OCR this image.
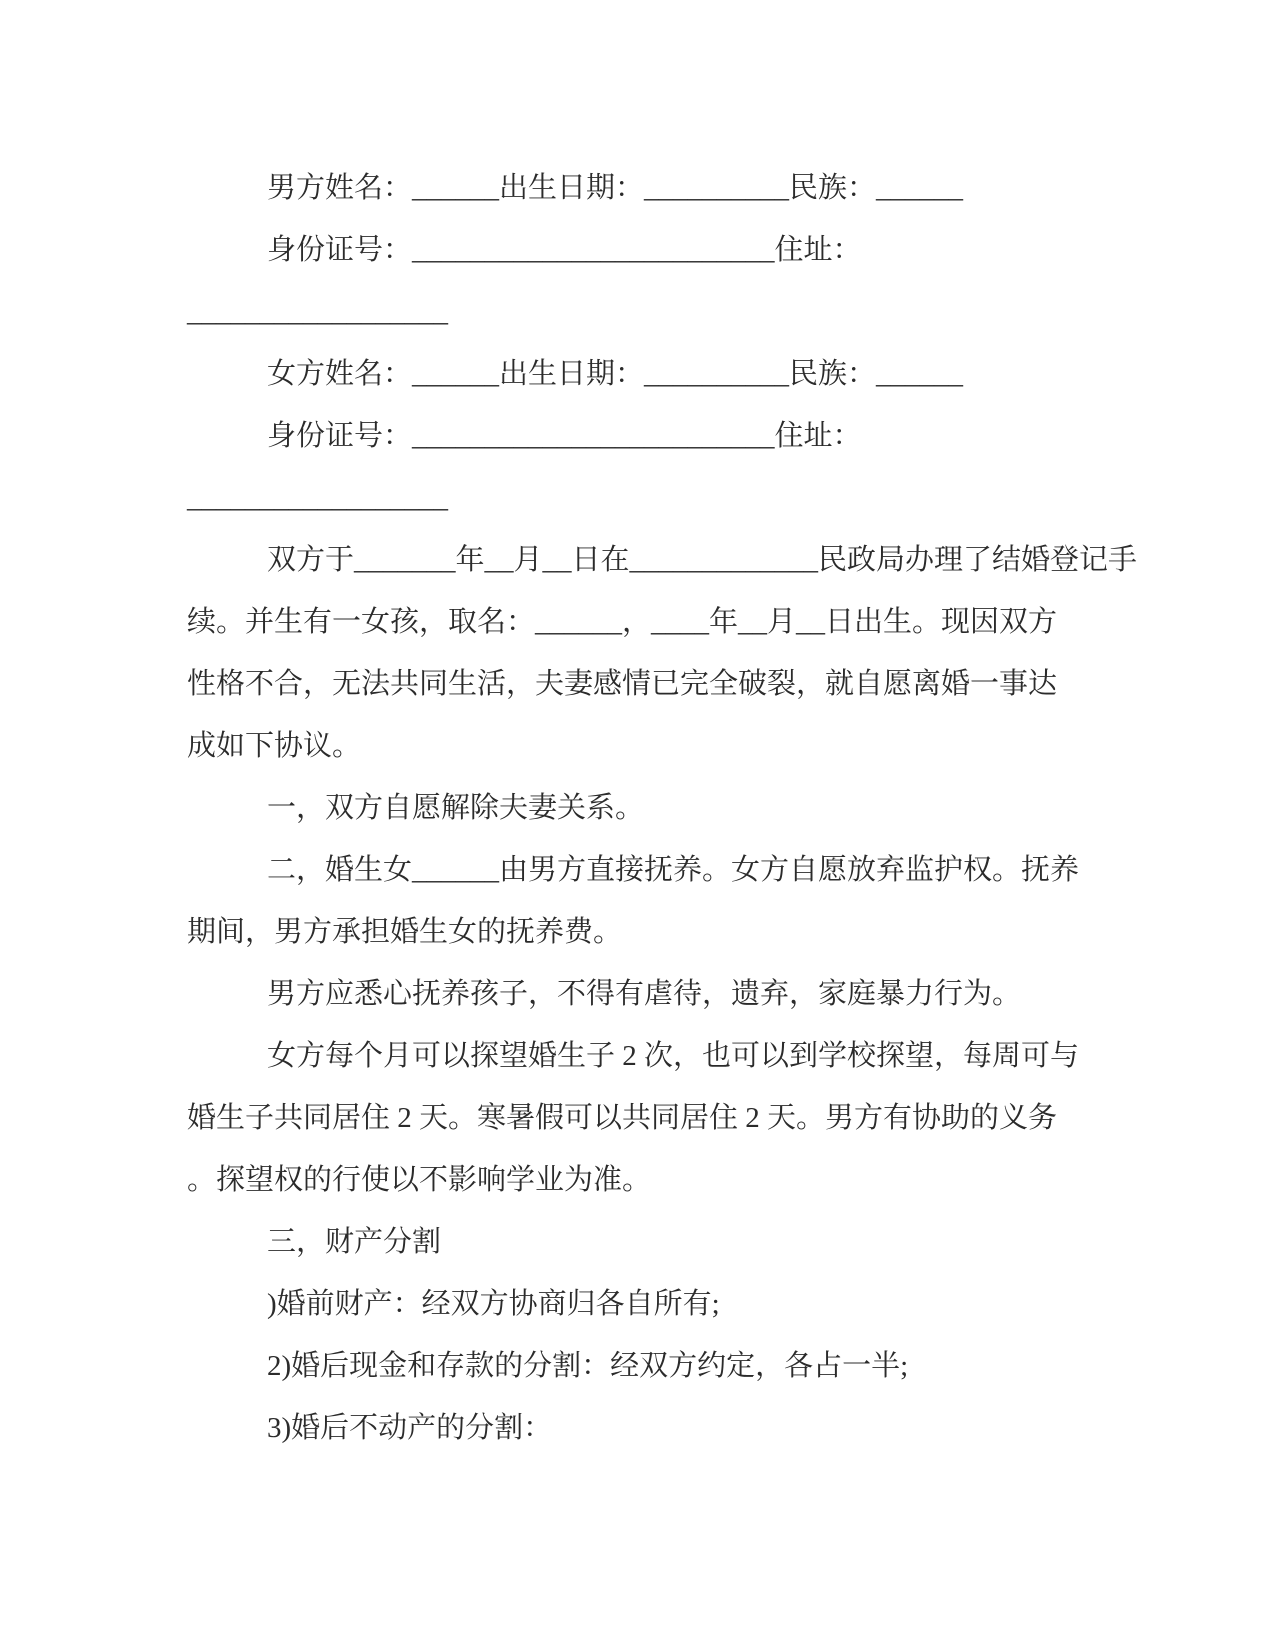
男方姓名：______出生日期：__________民族：______
身份证号：_________________________住址：
__________________
女方姓名：______出生日期：__________民族：______
身份证号：_________________________住址：
__________________
双方于_______年__月__日在_____________民政局办理了结婚登记手
续。并生有一女孩，取名：______，____年__月__日出生。现因双方
性格不合，无法共同生活，夫妻感情已完全破裂，就自愿离婚一事达
成如下协议。
一，双方自愿解除夫妻关系。
二，婚生女______由男方直接抚养。女方自愿放弃监护权。抚养
期间，男方承担婚生女的抚养费。
男方应悉心抚养孩子，不得有虐待，遗弃，家庭暴力行为。
女方每个月可以探望婚生子 2 次，也可以到学校探望，每周可与
婚生子共同居住 2 天。寒暑假可以共同居住 2 天。男方有协助的义务
。探望权的行使以不影响学业为准。
三，财产分割
)婚前财产：经双方协商归各自所有;
2)婚后现金和存款的分割：经双方约定，各占一半;
3)婚后不动产的分割：
